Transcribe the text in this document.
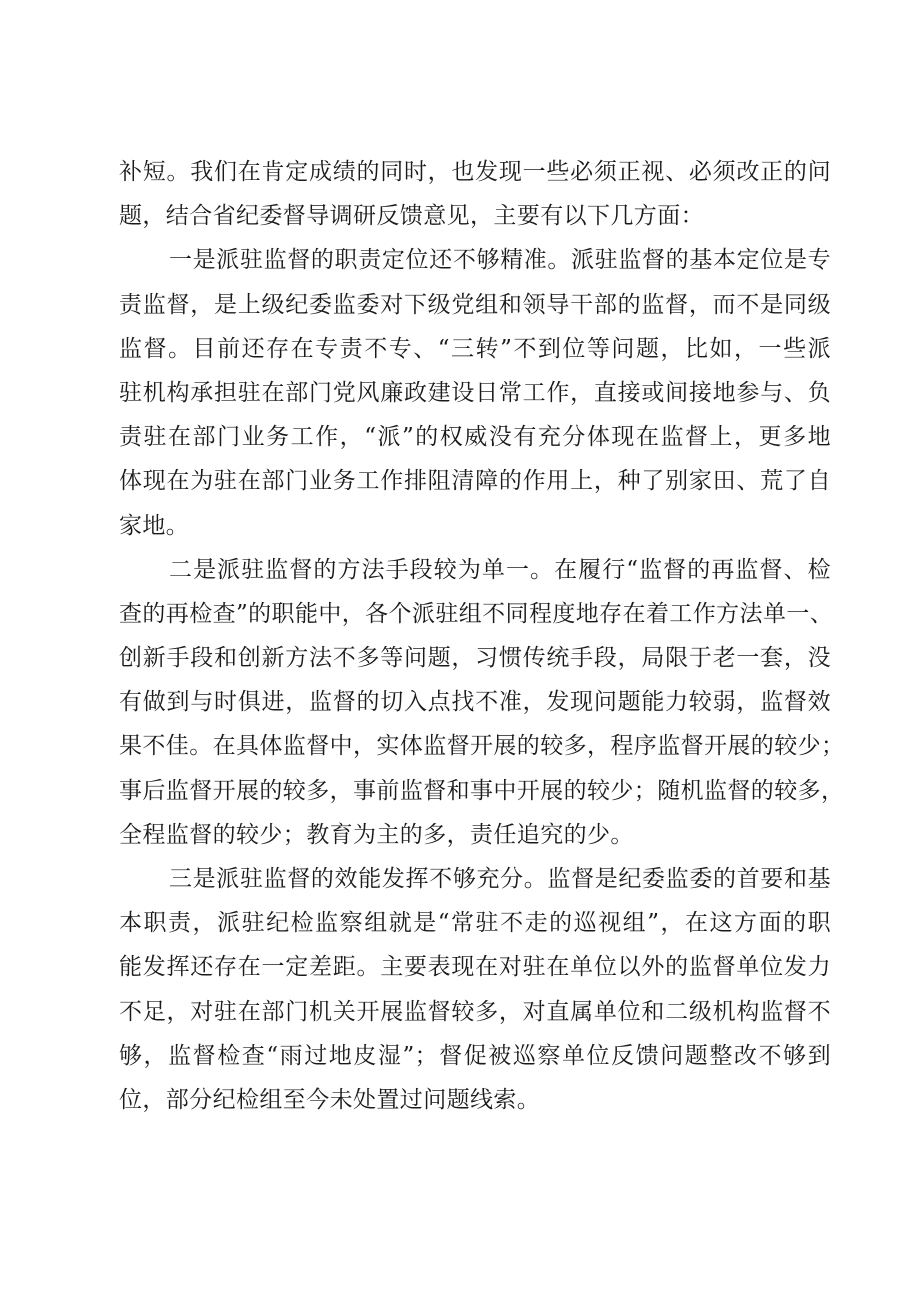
补短。我们在肯定成绩的同时，也发现一些必须正视、必须改正的问
题，结合省纪委督导调研反馈意见，主要有以下几方面：
一是派驻监督的职责定位还不够精准。派驻监督的基本定位是专
责监督，是上级纪委监委对下级党组和领导干部的监督，而不是同级
监督。目前还存在专责不专、“三转”不到位等问题，比如，一些派
驻机构承担驻在部门党风廉政建设日常工作，直接或间接地参与、负
责驻在部门业务工作，“派”的权威没有充分体现在监督上，更多地
体现在为驻在部门业务工作排阻清障的作用上，种了别家田、荒了自
家地。
二是派驻监督的方法手段较为单一。在履行“监督的再监督、检
查的再检查”的职能中，各个派驻组不同程度地存在着工作方法单一、
创新手段和创新方法不多等问题，习惯传统手段，局限于老一套，没
有做到与时俱进，监督的切入点找不准，发现问题能力较弱，监督效
果不佳。在具体监督中，实体监督开展的较多，程序监督开展的较少；
事后监督开展的较多，事前监督和事中开展的较少；随机监督的较多，
全程监督的较少；教育为主的多，责任追究的少。
三是派驻监督的效能发挥不够充分。监督是纪委监委的首要和基
本职责，派驻纪检监察组就是“常驻不走的巡视组”，在这方面的职
能发挥还存在一定差距。主要表现在对驻在单位以外的监督单位发力
不足，对驻在部门机关开展监督较多，对直属单位和二级机构监督不
够，监督检查“雨过地皮湿”；督促被巡察单位反馈问题整改不够到
位，部分纪检组至今未处置过问题线索。
